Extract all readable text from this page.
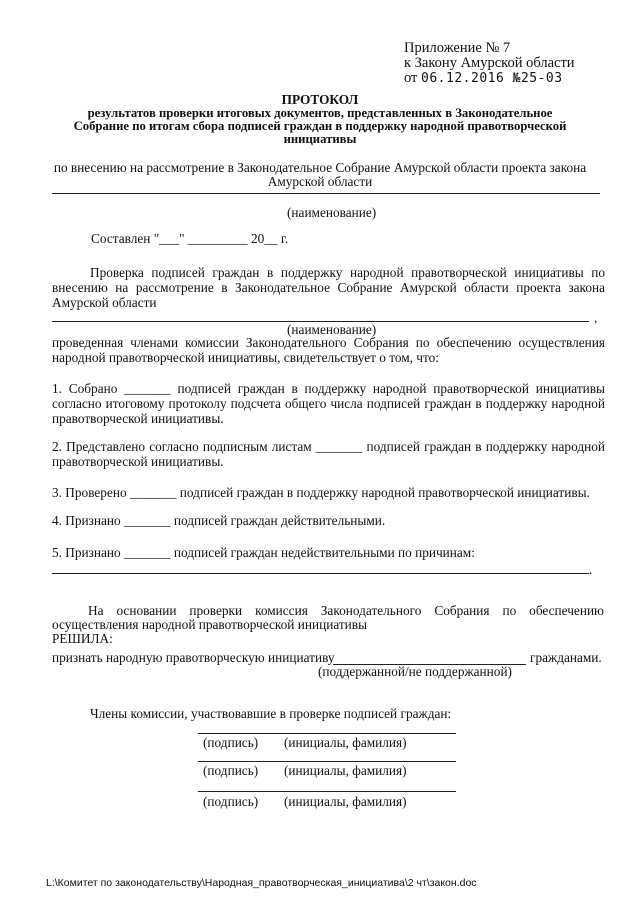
Приложение № 7
к Закону Амурской области
от 06.12.2016 №25-03
ПРОТОКОЛ
результатов проверки итоговых документов, представленных в Законодательное
Собрание по итогам сбора подписей граждан в поддержку народной правотворческой
инициативы
по внесению на рассмотрение в Законодательное Собрание Амурской области проекта закона
Амурской области
(наименование)
Составлен "___" _________ 20__ г.
Проверка подписей граждан в поддержку народной правотворческой инициативы по
внесению на рассмотрение в Законодательное Собрание Амурской области проекта закона
Амурской области
,
(наименование)
проведенная членами комиссии Законодательного Собрания по обеспечению осуществления
народной правотворческой инициативы, свидетельствует о том, что:
1. Собрано _______ подписей граждан в поддержку народной правотворческой инициативы
согласно итоговому протоколу подсчета общего числа подписей граждан в поддержку народной
правотворческой инициативы.
2. Представлено согласно подписным листам _______ подписей граждан в поддержку народной
правотворческой инициативы.
3. Проверено _______ подписей граждан в поддержку народной правотворческой инициативы.
4. Признано _______ подписей граждан действительными.
5. Признано _______ подписей граждан недействительными по причинам:
.
На основании проверки комиссия Законодательного Собрания по обеспечению
осуществления народной правотворческой инициативы
РЕШИЛА:
признать народную правотворческую инициативу	гражданами.
(поддержанной/не поддержанной)
Члены комиссии, участвовавшие в проверке подписей граждан:
(подпись) (инициалы, фамилия)
(подпись) (инициалы, фамилия)
(подпись) (инициалы, фамилия)
L:\Комитет по законодательству\Народная_правотворческая_инициатива\2 чт\закон.doc
